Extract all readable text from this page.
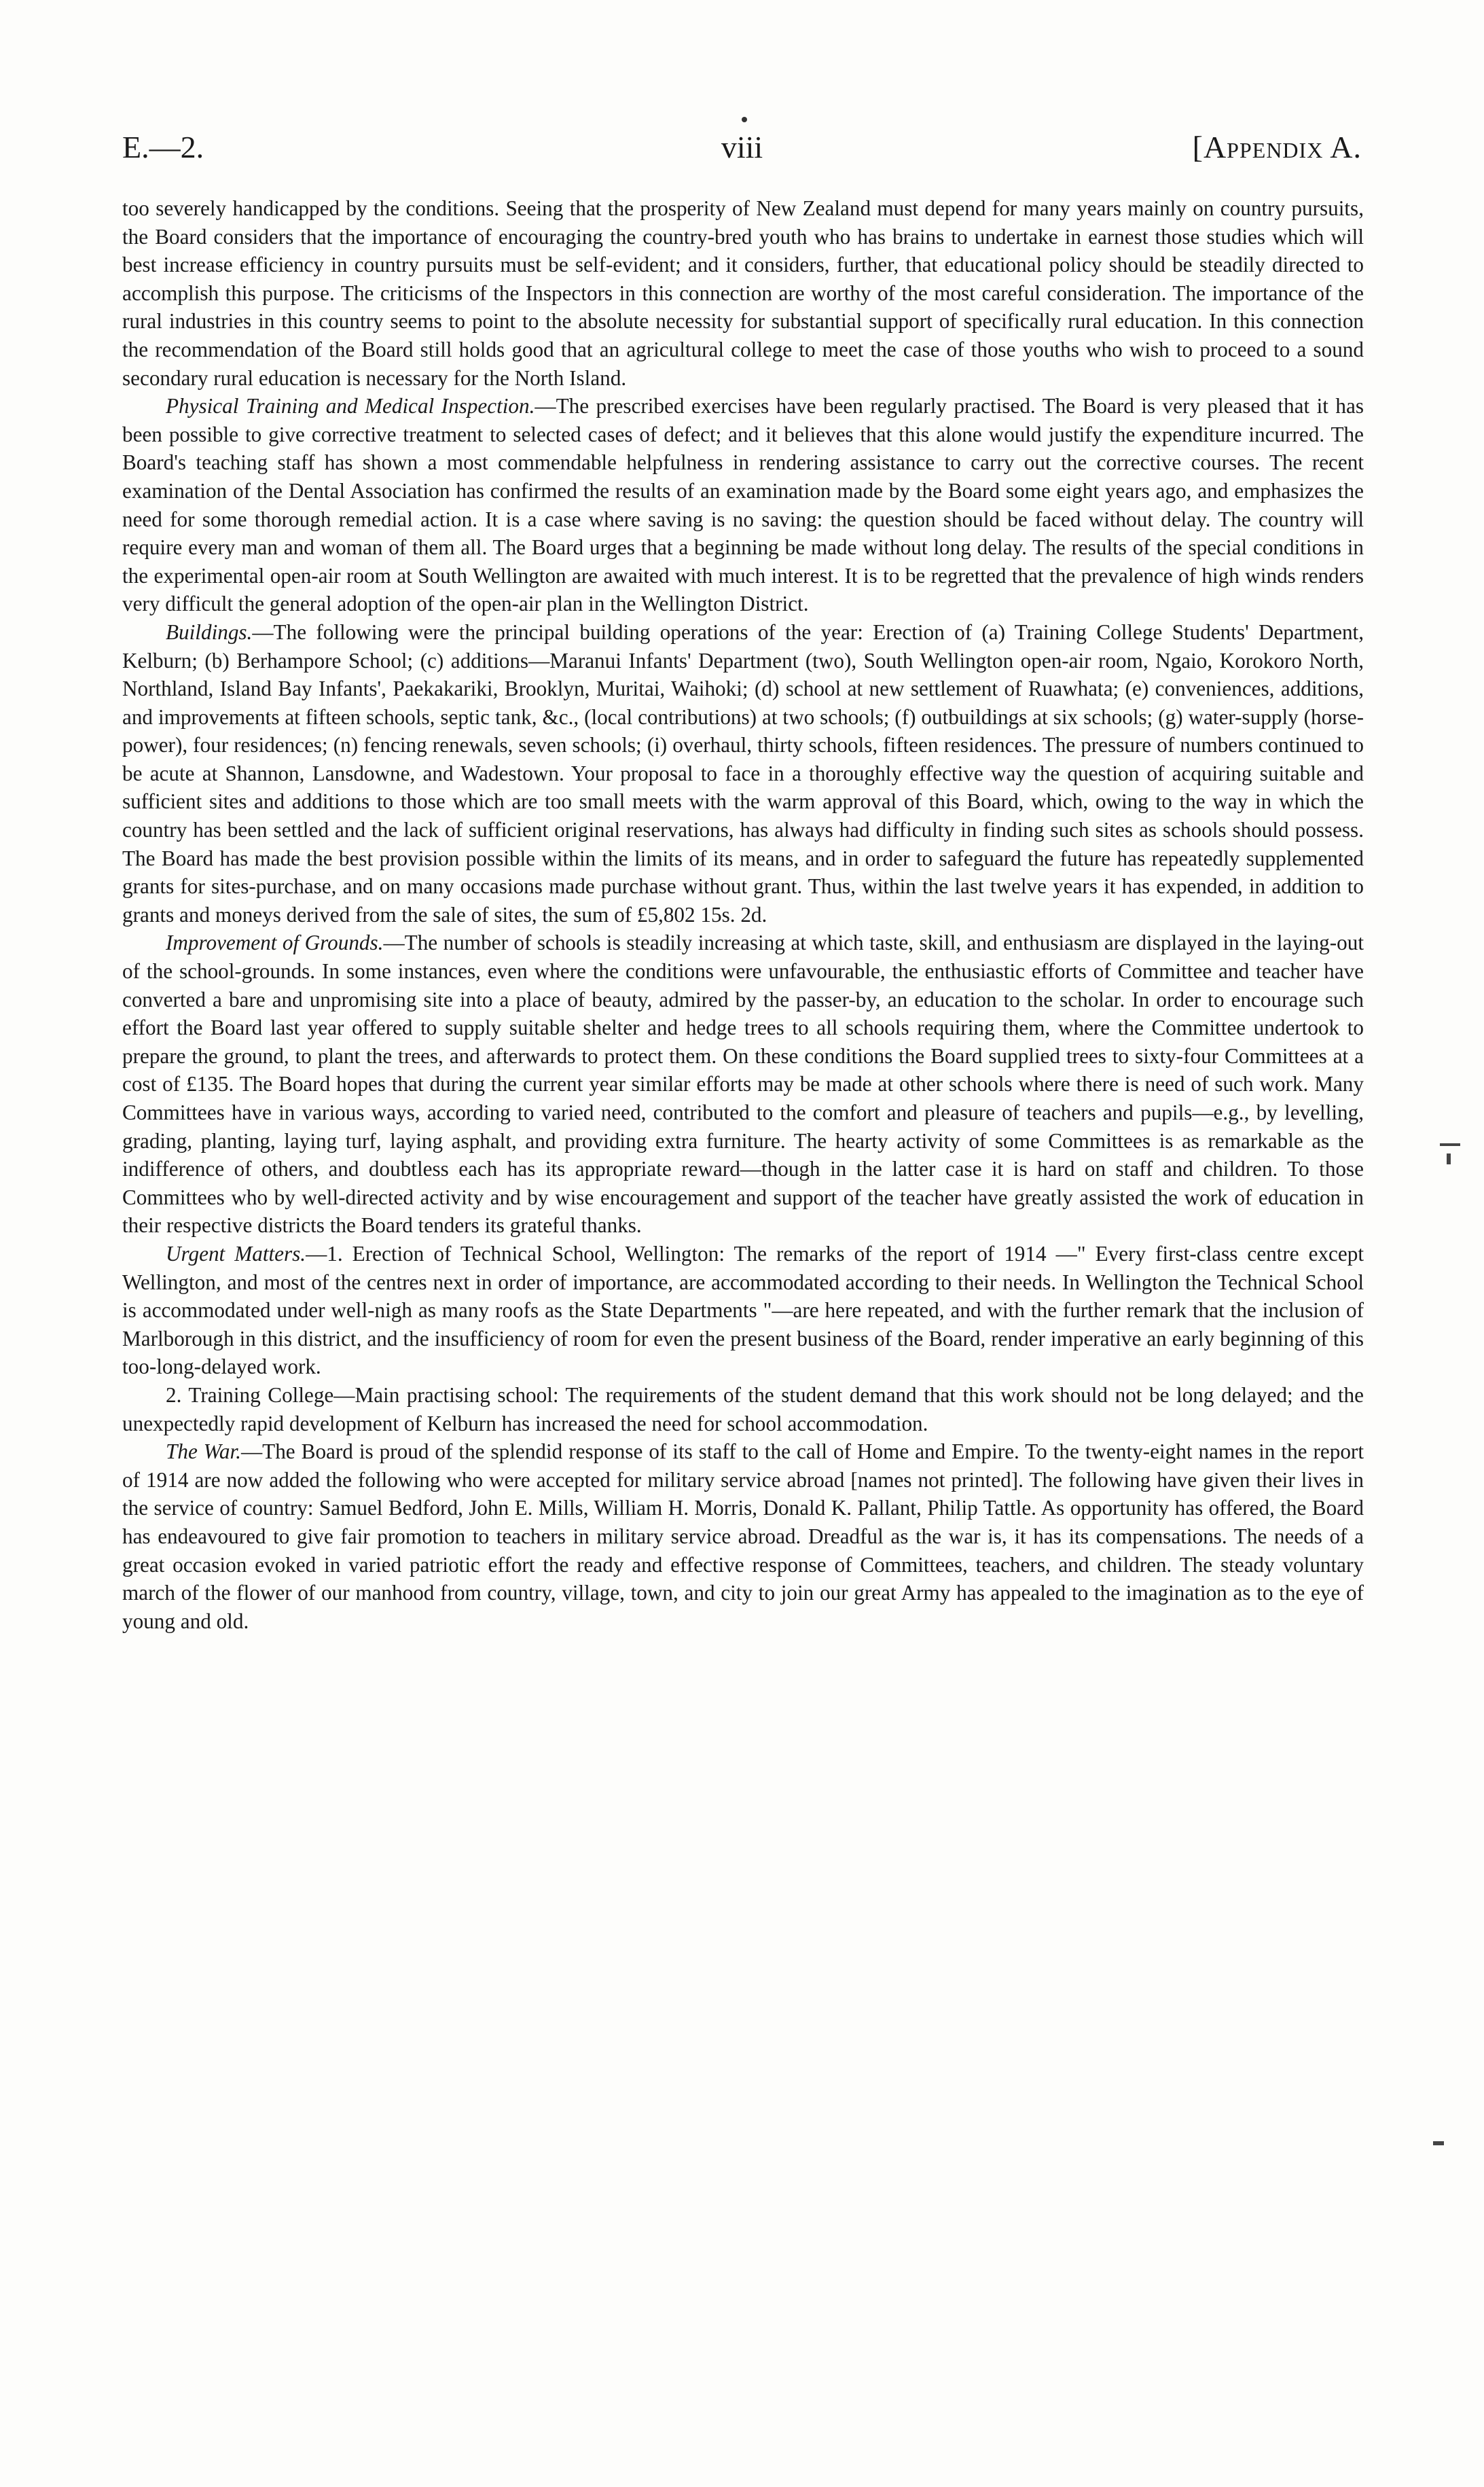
E.—2.	viii	[Appendix A.

too severely handicapped by the conditions. Seeing that the prosperity of New Zealand must depend for many years mainly on country pursuits, the Board considers that the importance of encouraging the country-bred youth who has brains to undertake in earnest those studies which will best increase efficiency in country pursuits must be self-evident; and it considers, further, that educational policy should be steadily directed to accomplish this purpose. The criticisms of the Inspectors in this connection are worthy of the most careful consideration. The importance of the rural industries in this country seems to point to the absolute necessity for substantial support of specifically rural education. In this connection the recommendation of the Board still holds good that an agricultural college to meet the case of those youths who wish to proceed to a sound secondary rural education is necessary for the North Island.

Physical Training and Medical Inspection.—The prescribed exercises have been regularly practised. The Board is very pleased that it has been possible to give corrective treatment to selected cases of defect; and it believes that this alone would justify the expenditure incurred. The Board's teaching staff has shown a most commendable helpfulness in rendering assistance to carry out the corrective courses. The recent examination of the Dental Association has confirmed the results of an examination made by the Board some eight years ago, and emphasizes the need for some thorough remedial action. It is a case where saving is no saving: the question should be faced without delay. The country will require every man and woman of them all. The Board urges that a beginning be made without long delay. The results of the special conditions in the experimental open-air room at South Wellington are awaited with much interest. It is to be regretted that the prevalence of high winds renders very difficult the general adoption of the open-air plan in the Wellington District.

Buildings.—The following were the principal building operations of the year: Erection of (a) Training College Students' Department, Kelburn; (b) Berhampore School; (c) additions—Maranui Infants' Department (two), South Wellington open-air room, Ngaio, Korokoro North, Northland, Island Bay Infants', Paekakariki, Brooklyn, Muritai, Waihoki; (d) school at new settlement of Ruawhata; (e) conveniences, additions, and improvements at fifteen schools, septic tank, &c., (local contributions) at two schools; (f) outbuildings at six schools; (g) water-supply (horse-power), four residences; (n) fencing renewals, seven schools; (i) overhaul, thirty schools, fifteen residences. The pressure of numbers continued to be acute at Shannon, Lansdowne, and Wadestown. Your proposal to face in a thoroughly effective way the question of acquiring suitable and sufficient sites and additions to those which are too small meets with the warm approval of this Board, which, owing to the way in which the country has been settled and the lack of sufficient original reservations, has always had difficulty in finding such sites as schools should possess. The Board has made the best provision possible within the limits of its means, and in order to safeguard the future has repeatedly supplemented grants for sites-purchase, and on many occasions made purchase without grant. Thus, within the last twelve years it has expended, in addition to grants and moneys derived from the sale of sites, the sum of £5,802 15s. 2d.

Improvement of Grounds.—The number of schools is steadily increasing at which taste, skill, and enthusiasm are displayed in the laying-out of the school-grounds. In some instances, even where the conditions were unfavourable, the enthusiastic efforts of Committee and teacher have converted a bare and unpromising site into a place of beauty, admired by the passer-by, an education to the scholar. In order to encourage such effort the Board last year offered to supply suitable shelter and hedge trees to all schools requiring them, where the Committee undertook to prepare the ground, to plant the trees, and afterwards to protect them. On these conditions the Board supplied trees to sixty-four Committees at a cost of £135. The Board hopes that during the current year similar efforts may be made at other schools where there is need of such work. Many Committees have in various ways, according to varied need, contributed to the comfort and pleasure of teachers and pupils—e.g., by levelling, grading, planting, laying turf, laying asphalt, and providing extra furniture. The hearty activity of some Committees is as remarkable as the indifference of others, and doubtless each has its appropriate reward—though in the latter case it is hard on staff and children. To those Committees who by well-directed activity and by wise encouragement and support of the teacher have greatly assisted the work of education in their respective districts the Board tenders its grateful thanks.

Urgent Matters.—1. Erection of Technical School, Wellington: The remarks of the report of 1914 —" Every first-class centre except Wellington, and most of the centres next in order of importance, are accommodated according to their needs. In Wellington the Technical School is accommodated under well-nigh as many roofs as the State Departments "—are here repeated, and with the further remark that the inclusion of Marlborough in this district, and the insufficiency of room for even the present business of the Board, render imperative an early beginning of this too-long-delayed work.

2. Training College—Main practising school: The requirements of the student demand that this work should not be long delayed; and the unexpectedly rapid development of Kelburn has increased the need for school accommodation.

The War.—The Board is proud of the splendid response of its staff to the call of Home and Empire. To the twenty-eight names in the report of 1914 are now added the following who were accepted for military service abroad [names not printed]. The following have given their lives in the service of country: Samuel Bedford, John E. Mills, William H. Morris, Donald K. Pallant, Philip Tattle. As opportunity has offered, the Board has endeavoured to give fair promotion to teachers in military service abroad. Dreadful as the war is, it has its compensations. The needs of a great occasion evoked in varied patriotic effort the ready and effective response of Committees, teachers, and children. The steady voluntary march of the flower of our manhood from country, village, town, and city to join our great Army has appealed to the imagination as to the eye of young and old.
